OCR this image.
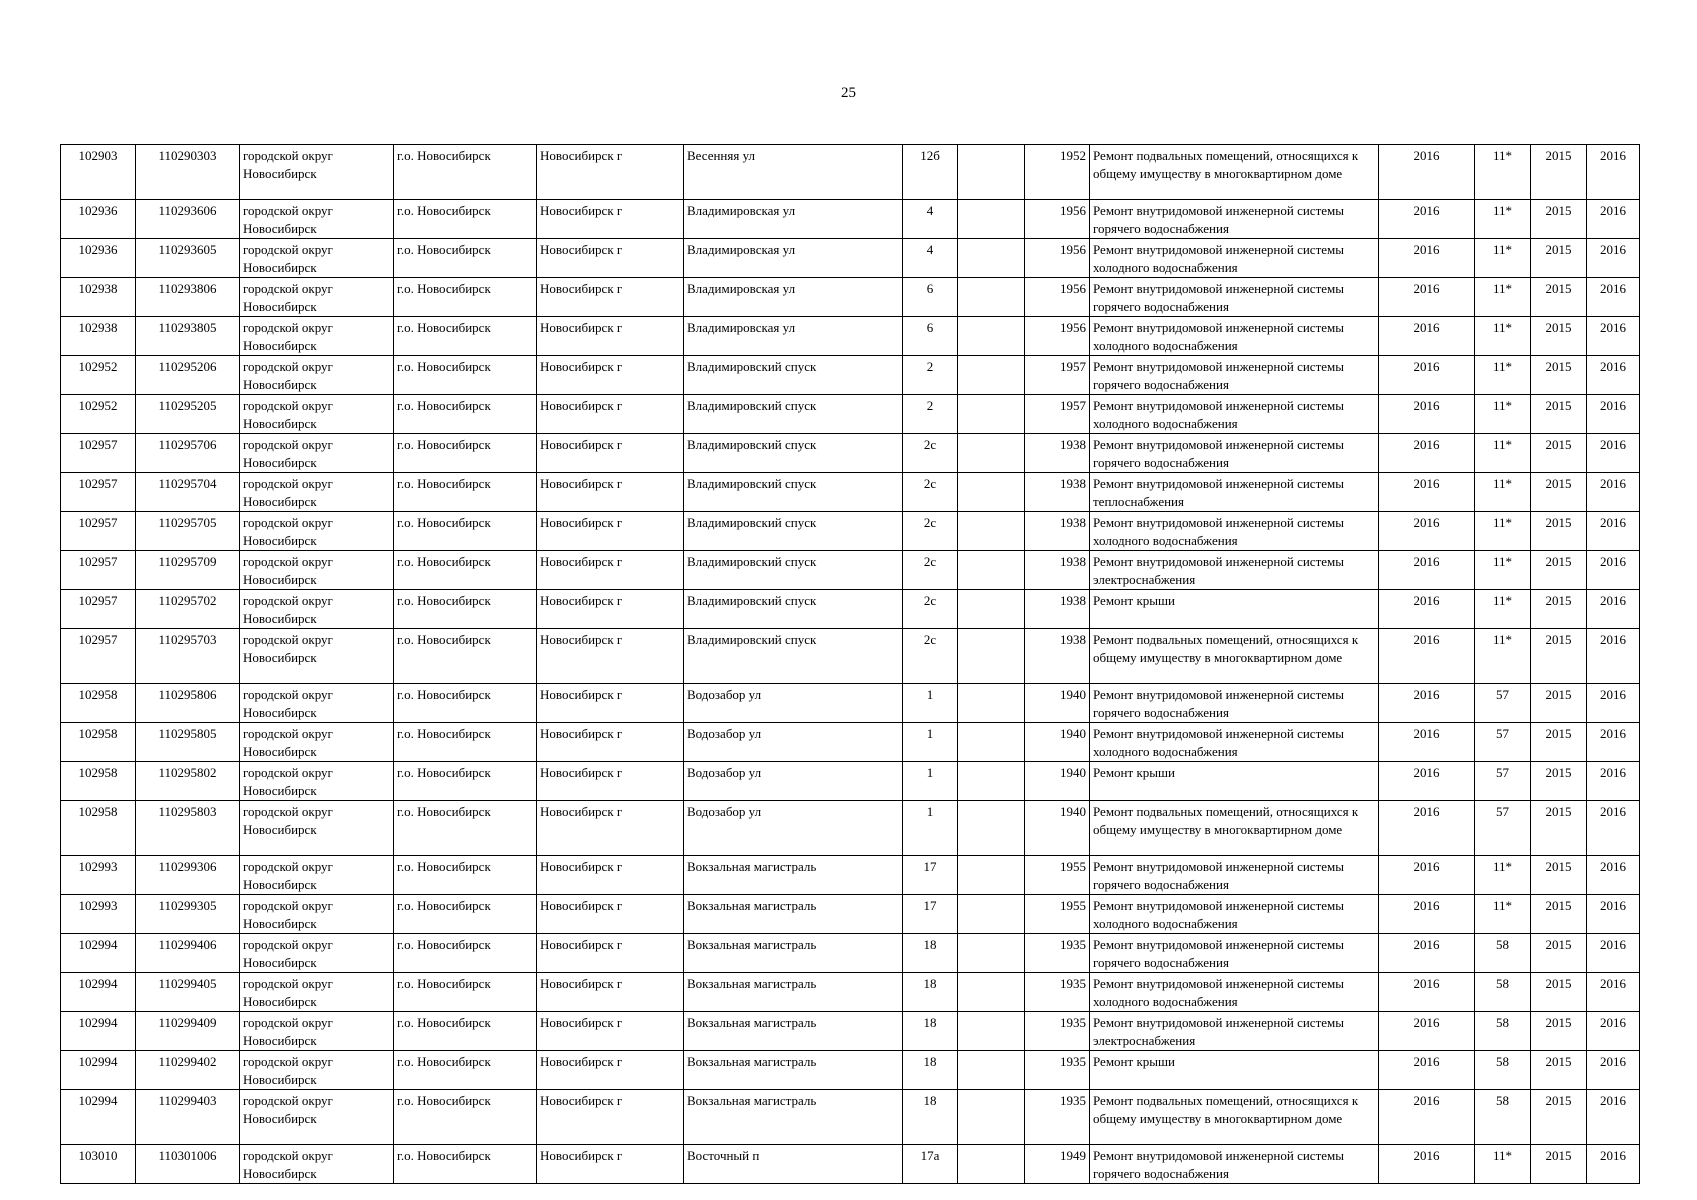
25
102903	110290303	городской округ Новосибирск	г.о. Новосибирск	Новосибирск г	Весенняя ул	12б		1952	Ремонт подвальных помещений, относящихся к общему имуществу в многоквартирном доме	2016	11*	2015	2016
102936	110293606	городской округ Новосибирск	г.о. Новосибирск	Новосибирск г	Владимировская ул	4		1956	Ремонт внутридомовой инженерной системы горячего водоснабжения	2016	11*	2015	2016
102936	110293605	городской округ Новосибирск	г.о. Новосибирск	Новосибирск г	Владимировская ул	4		1956	Ремонт внутридомовой инженерной системы холодного водоснабжения	2016	11*	2015	2016
102938	110293806	городской округ Новосибирск	г.о. Новосибирск	Новосибирск г	Владимировская ул	6		1956	Ремонт внутридомовой инженерной системы горячего водоснабжения	2016	11*	2015	2016
102938	110293805	городской округ Новосибирск	г.о. Новосибирск	Новосибирск г	Владимировская ул	6		1956	Ремонт внутридомовой инженерной системы холодного водоснабжения	2016	11*	2015	2016
102952	110295206	городской округ Новосибирск	г.о. Новосибирск	Новосибирск г	Владимировский спуск	2		1957	Ремонт внутридомовой инженерной системы горячего водоснабжения	2016	11*	2015	2016
102952	110295205	городской округ Новосибирск	г.о. Новосибирск	Новосибирск г	Владимировский спуск	2		1957	Ремонт внутридомовой инженерной системы холодного водоснабжения	2016	11*	2015	2016
102957	110295706	городской округ Новосибирск	г.о. Новосибирск	Новосибирск г	Владимировский спуск	2с		1938	Ремонт внутридомовой инженерной системы горячего водоснабжения	2016	11*	2015	2016
102957	110295704	городской округ Новосибирск	г.о. Новосибирск	Новосибирск г	Владимировский спуск	2с		1938	Ремонт внутридомовой инженерной системы теплоснабжения	2016	11*	2015	2016
102957	110295705	городской округ Новосибирск	г.о. Новосибирск	Новосибирск г	Владимировский спуск	2с		1938	Ремонт внутридомовой инженерной системы холодного водоснабжения	2016	11*	2015	2016
102957	110295709	городской округ Новосибирск	г.о. Новосибирск	Новосибирск г	Владимировский спуск	2с		1938	Ремонт внутридомовой инженерной системы электроснабжения	2016	11*	2015	2016
102957	110295702	городской округ Новосибирск	г.о. Новосибирск	Новосибирск г	Владимировский спуск	2с		1938	Ремонт крыши	2016	11*	2015	2016
102957	110295703	городской округ Новосибирск	г.о. Новосибирск	Новосибирск г	Владимировский спуск	2с		1938	Ремонт подвальных помещений, относящихся к общему имуществу в многоквартирном доме	2016	11*	2015	2016
102958	110295806	городской округ Новосибирск	г.о. Новосибирск	Новосибирск г	Водозабор ул	1		1940	Ремонт внутридомовой инженерной системы горячего водоснабжения	2016	57	2015	2016
102958	110295805	городской округ Новосибирск	г.о. Новосибирск	Новосибирск г	Водозабор ул	1		1940	Ремонт внутридомовой инженерной системы холодного водоснабжения	2016	57	2015	2016
102958	110295802	городской округ Новосибирск	г.о. Новосибирск	Новосибирск г	Водозабор ул	1		1940	Ремонт крыши	2016	57	2015	2016
102958	110295803	городской округ Новосибирск	г.о. Новосибирск	Новосибирск г	Водозабор ул	1		1940	Ремонт подвальных помещений, относящихся к общему имуществу в многоквартирном доме	2016	57	2015	2016
102993	110299306	городской округ Новосибирск	г.о. Новосибирск	Новосибирск г	Вокзальная магистраль	17		1955	Ремонт внутридомовой инженерной системы горячего водоснабжения	2016	11*	2015	2016
102993	110299305	городской округ Новосибирск	г.о. Новосибирск	Новосибирск г	Вокзальная магистраль	17		1955	Ремонт внутридомовой инженерной системы холодного водоснабжения	2016	11*	2015	2016
102994	110299406	городской округ Новосибирск	г.о. Новосибирск	Новосибирск г	Вокзальная магистраль	18		1935	Ремонт внутридомовой инженерной системы горячего водоснабжения	2016	58	2015	2016
102994	110299405	городской округ Новосибирск	г.о. Новосибирск	Новосибирск г	Вокзальная магистраль	18		1935	Ремонт внутридомовой инженерной системы холодного водоснабжения	2016	58	2015	2016
102994	110299409	городской округ Новосибирск	г.о. Новосибирск	Новосибирск г	Вокзальная магистраль	18		1935	Ремонт внутридомовой инженерной системы электроснабжения	2016	58	2015	2016
102994	110299402	городской округ Новосибирск	г.о. Новосибирск	Новосибирск г	Вокзальная магистраль	18		1935	Ремонт крыши	2016	58	2015	2016
102994	110299403	городской округ Новосибирск	г.о. Новосибирск	Новосибирск г	Вокзальная магистраль	18		1935	Ремонт подвальных помещений, относящихся к общему имуществу в многоквартирном доме	2016	58	2015	2016
103010	110301006	городской округ Новосибирск	г.о. Новосибирск	Новосибирск г	Восточный п	17а		1949	Ремонт внутридомовой инженерной системы горячего водоснабжения	2016	11*	2015	2016
